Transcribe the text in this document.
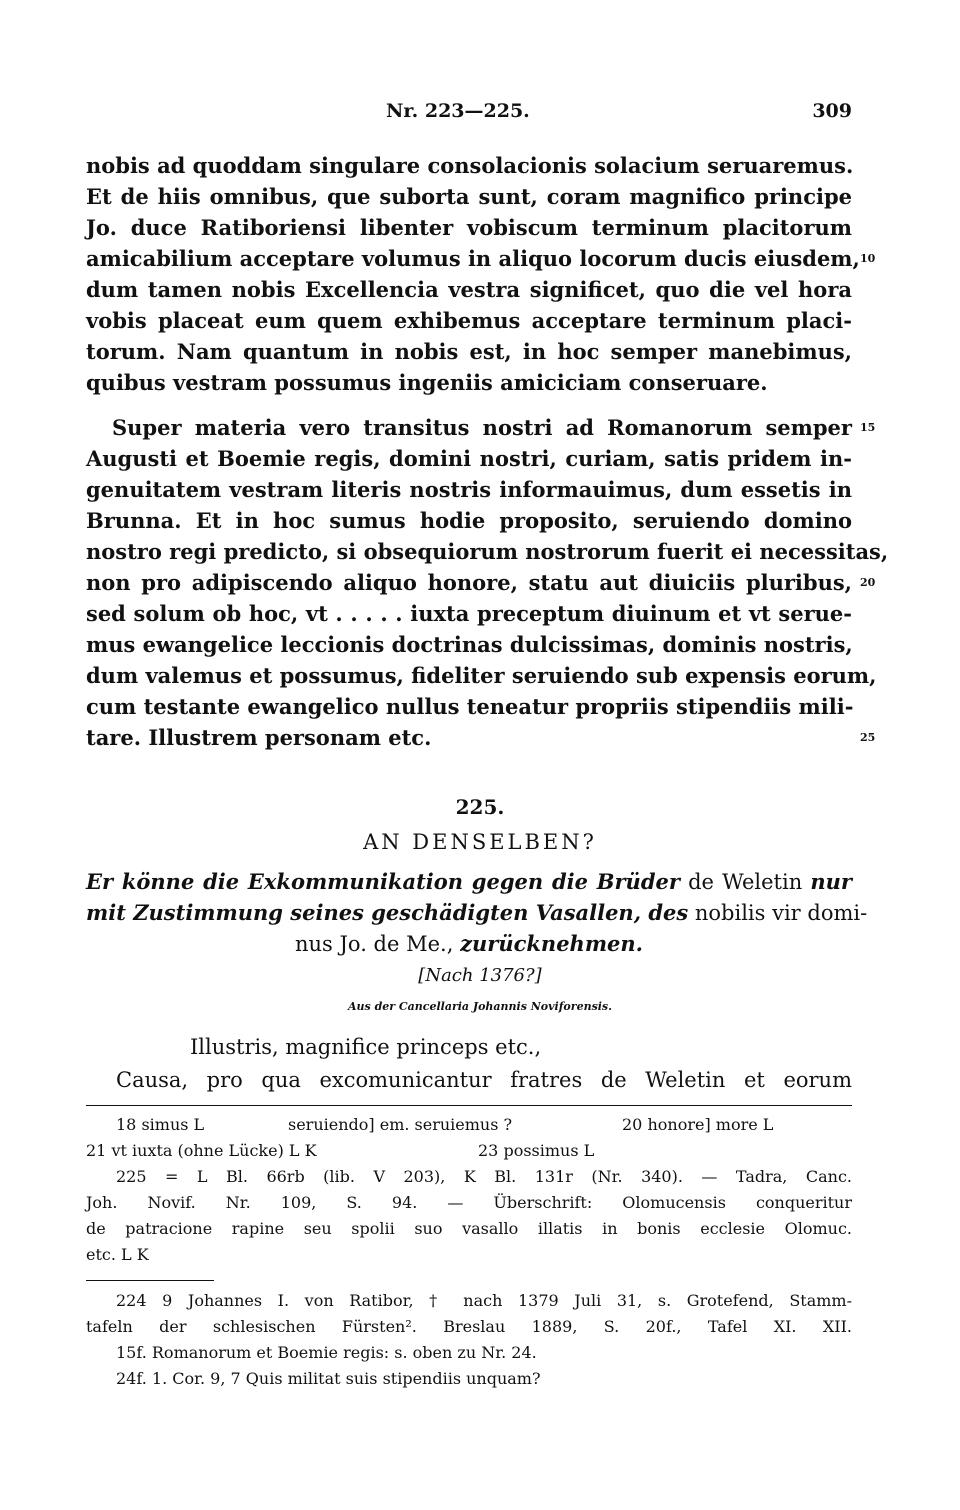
Nr. 223—225.	309
nobis ad quoddam singulare consolacionis solacium seruaremus.
Et de hiis omnibus, que suborta sunt, coram magnifico principe
Jo. duce Ratiboriensi libenter vobiscum terminum placitorum
amicabilium acceptare volumus in aliquo locorum ducis eiusdem,
dum tamen nobis Excellencia vestra significet, quo die vel hora
vobis placeat eum quem exhibemus acceptare terminum placi-
torum. Nam quantum in nobis est, in hoc semper manebimus,
quibus vestram possumus ingeniis amiciciam conseruare.
Super materia vero transitus nostri ad Romanorum semper
Augusti et Boemie regis, domini nostri, curiam, satis pridem in-
genuitatem vestram literis nostris informauimus, dum essetis in
Brunna. Et in hoc sumus hodie proposito, seruiendo domino
nostro regi predicto, si obsequiorum nostrorum fuerit ei necessitas,
non pro adipiscendo aliquo honore, statu aut diuiciis pluribus,
sed solum ob hoc, vt . . . . . iuxta preceptum diuinum et vt serue-
mus ewangelice leccionis doctrinas dulcissimas, dominis nostris,
dum valemus et possumus, fideliter seruiendo sub expensis eorum,
cum testante ewangelico nullus teneatur propriis stipendiis mili-
tare. Illustrem personam etc.
10
15
20
25
225.
AN DENSELBEN?
Er könne die Exkommunikation gegen die Brüder de Weletin nur
mit Zustimmung seines geschädigten Vasallen, des nobilis vir domi-
nus Jo. de Me., zurücknehmen.
[Nach 1376?]
Aus der Cancellaria Johannis Noviforensis.
Illustris, magnifice princeps etc.,
Causa, pro qua excomunicantur fratres de Weletin et eorum
18 simus L	seruiendo] em. seruiemus ?	20 honore] more L
21 vt iuxta (ohne Lücke) L K	23 possimus L
225 = L Bl. 66rb (lib. V 203), K Bl. 131r (Nr. 340). — Tadra, Canc.
Joh. Novif. Nr. 109, S. 94. — Überschrift: Olomucensis conqueritur
de patracione rapine seu spolii suo vasallo illatis in bonis ecclesie Olomuc.
etc. L K
224 9 Johannes I. von Ratibor, † nach 1379 Juli 31, s. Grotefend, Stamm-
tafeln der schlesischen Fürsten². Breslau 1889, S. 20f., Tafel XI. XII.
15f. Romanorum et Boemie regis: s. oben zu Nr. 24.
24f. 1. Cor. 9, 7 Quis militat suis stipendiis unquam?
